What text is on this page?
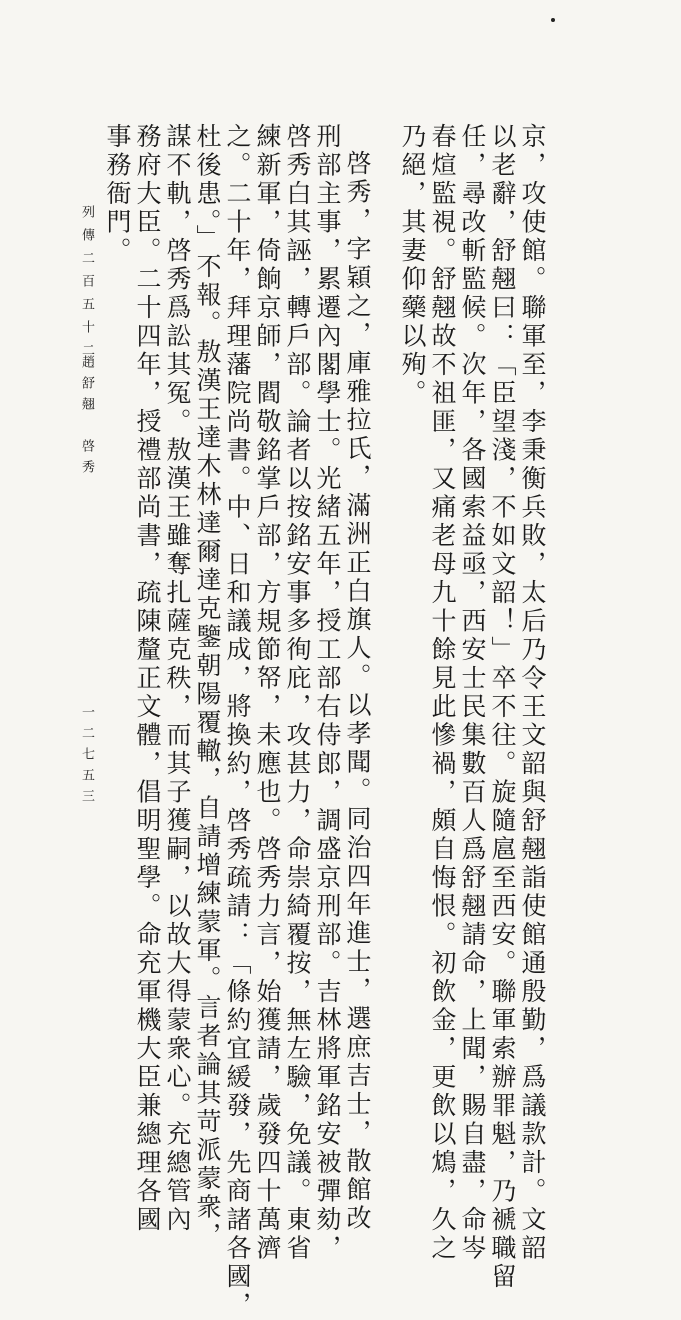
京，攻使館。聯軍至，李秉衡兵敗，太后乃令王文韶與舒翹詣使館通殷勤，爲議款計。文韶
以老辭，舒翹曰：「臣望淺，不如文韶！」卒不往。旋隨扈至西安。聯軍索辦罪魁，乃褫職留
任，尋改斬監候。次年，各國索益亟，西安士民集數百人爲舒翹請命，上聞，賜自盡，命岑
春煊監視。舒翹故不祖匪，又痛老母九十餘見此慘禍，頗自悔恨。初飲金，更飲以鴆，久之
乃絕，其妻仰藥以殉。
啓秀，字穎之，庫雅拉氏，滿洲正白旗人。以孝聞。同治四年進士，選庶吉士，散館改
刑部主事，累遷內閣學士。光緒五年，授工部右侍郎，調盛京刑部。吉林將軍銘安被彈劾，
啓秀白其誣，轉戶部。論者以按銘安事多徇庇，攻甚力，命崇綺覆按，無左驗，免議。東省
練新軍，倚餉京師，閻敬銘掌戶部，方規節帑，未應也。啓秀力言，始獲請，歲發四十萬濟
之。二十年，拜理藩院尚書。中、日和議成，將換約，啓秀疏請：「條約宜緩發，先商諸各國，
杜後患。」不報。敖漢王達木林達爾達克鑒朝陽覆轍，自請增練蒙軍。言者論其苛派蒙衆，
謀不軌，啓秀爲訟其冤。敖漢王雖奪扎薩克秩，而其子獲嗣，以故大得蒙衆心。充總管內
務府大臣。二十四年，授禮部尚書，疏陳釐正文體，倡明聖學。命充軍機大臣兼總理各國
事務衙門。
列傳二百五十二
趙舒翹　啓秀
一二七五三
